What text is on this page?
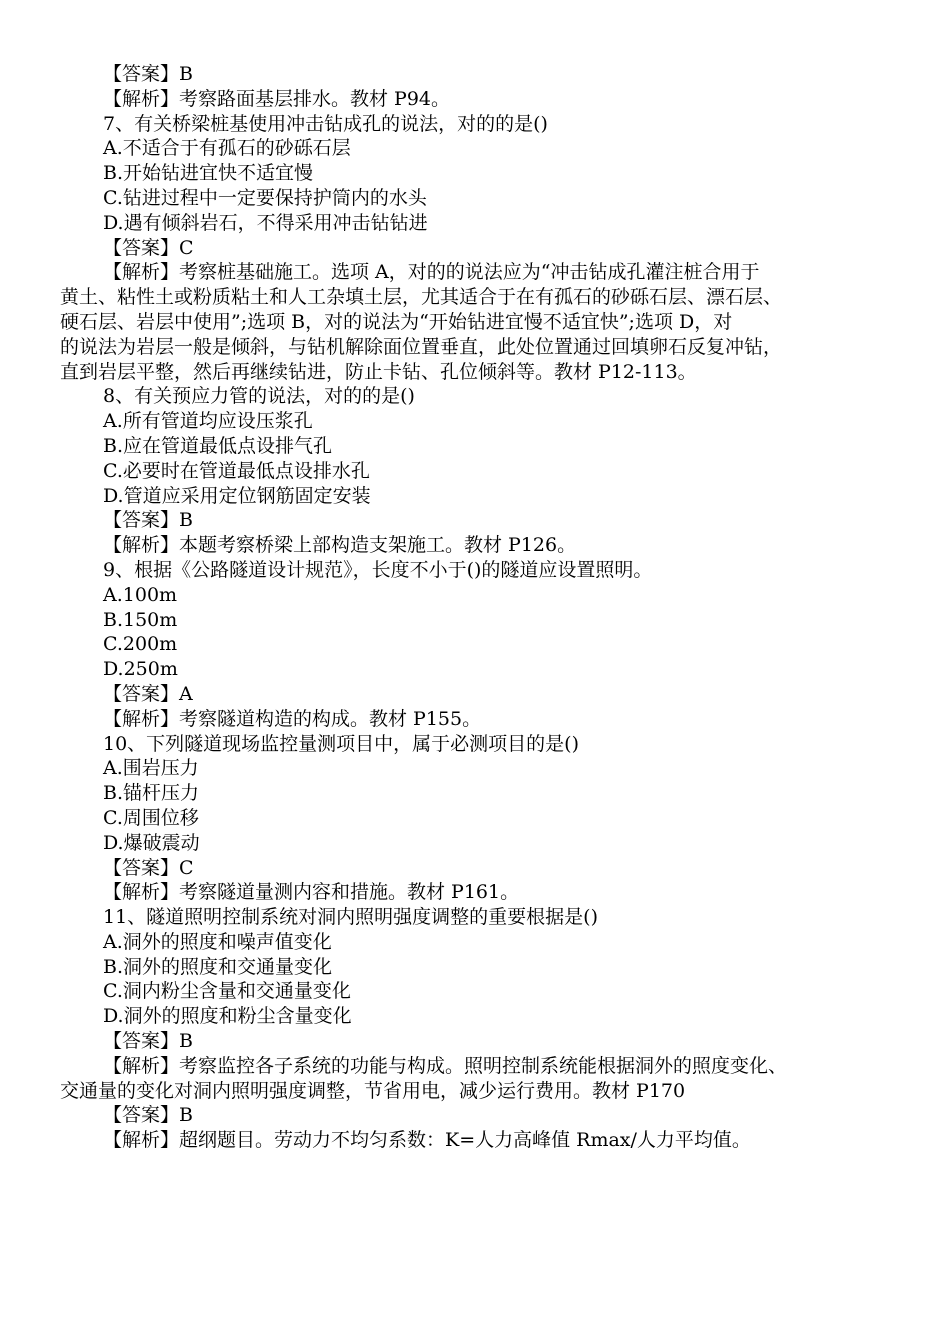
【答案】B
【解析】考察路面基层排水。教材 P94。
7、有关桥梁桩基使用冲击钻成孔的说法，对的的是()
A.不适合于有孤石的砂砾石层
B.开始钻进宜快不适宜慢
C.钻进过程中一定要保持护筒内的水头
D.遇有倾斜岩石，不得采用冲击钻钻进
【答案】C
【解析】考察桩基础施工。选项 A，对的的说法应为“冲击钻成孔灌注桩合用于
黄土、粘性土或粉质粘土和人工杂填土层，尤其适合于在有孤石的砂砾石层、漂石层、
硬石层、岩层中使用”;选项 B，对的说法为“开始钻进宜慢不适宜快”;选项 D，对
的说法为岩层一般是倾斜，与钻机解除面位置垂直，此处位置通过回填卵石反复冲钻，
直到岩层平整，然后再继续钻进，防止卡钻、孔位倾斜等。教材 P12-113。
8、有关预应力管的说法，对的的是()
A.所有管道均应设压浆孔
B.应在管道最低点设排气孔
C.必要时在管道最低点设排水孔
D.管道应采用定位钢筋固定安装
【答案】B
【解析】本题考察桥梁上部构造支架施工。教材 P126。
9、根据《公路隧道设计规范》，长度不小于()的隧道应设置照明。
A.100m
B.150m
C.200m
D.250m
【答案】A
【解析】考察隧道构造的构成。教材 P155。
10、下列隧道现场监控量测项目中，属于必测项目的是()
A.围岩压力
B.锚杆压力
C.周围位移
D.爆破震动
【答案】C
【解析】考察隧道量测内容和措施。教材 P161。
11、隧道照明控制系统对洞内照明强度调整的重要根据是()
A.洞外的照度和噪声值变化
B.洞外的照度和交通量变化
C.洞内粉尘含量和交通量变化
D.洞外的照度和粉尘含量变化
【答案】B
【解析】考察监控各子系统的功能与构成。照明控制系统能根据洞外的照度变化、
交通量的变化对洞内照明强度调整，节省用电，减少运行费用。教材 P170
【答案】B
【解析】超纲题目。劳动力不均匀系数：K=人力高峰值 Rmax/人力平均值。
